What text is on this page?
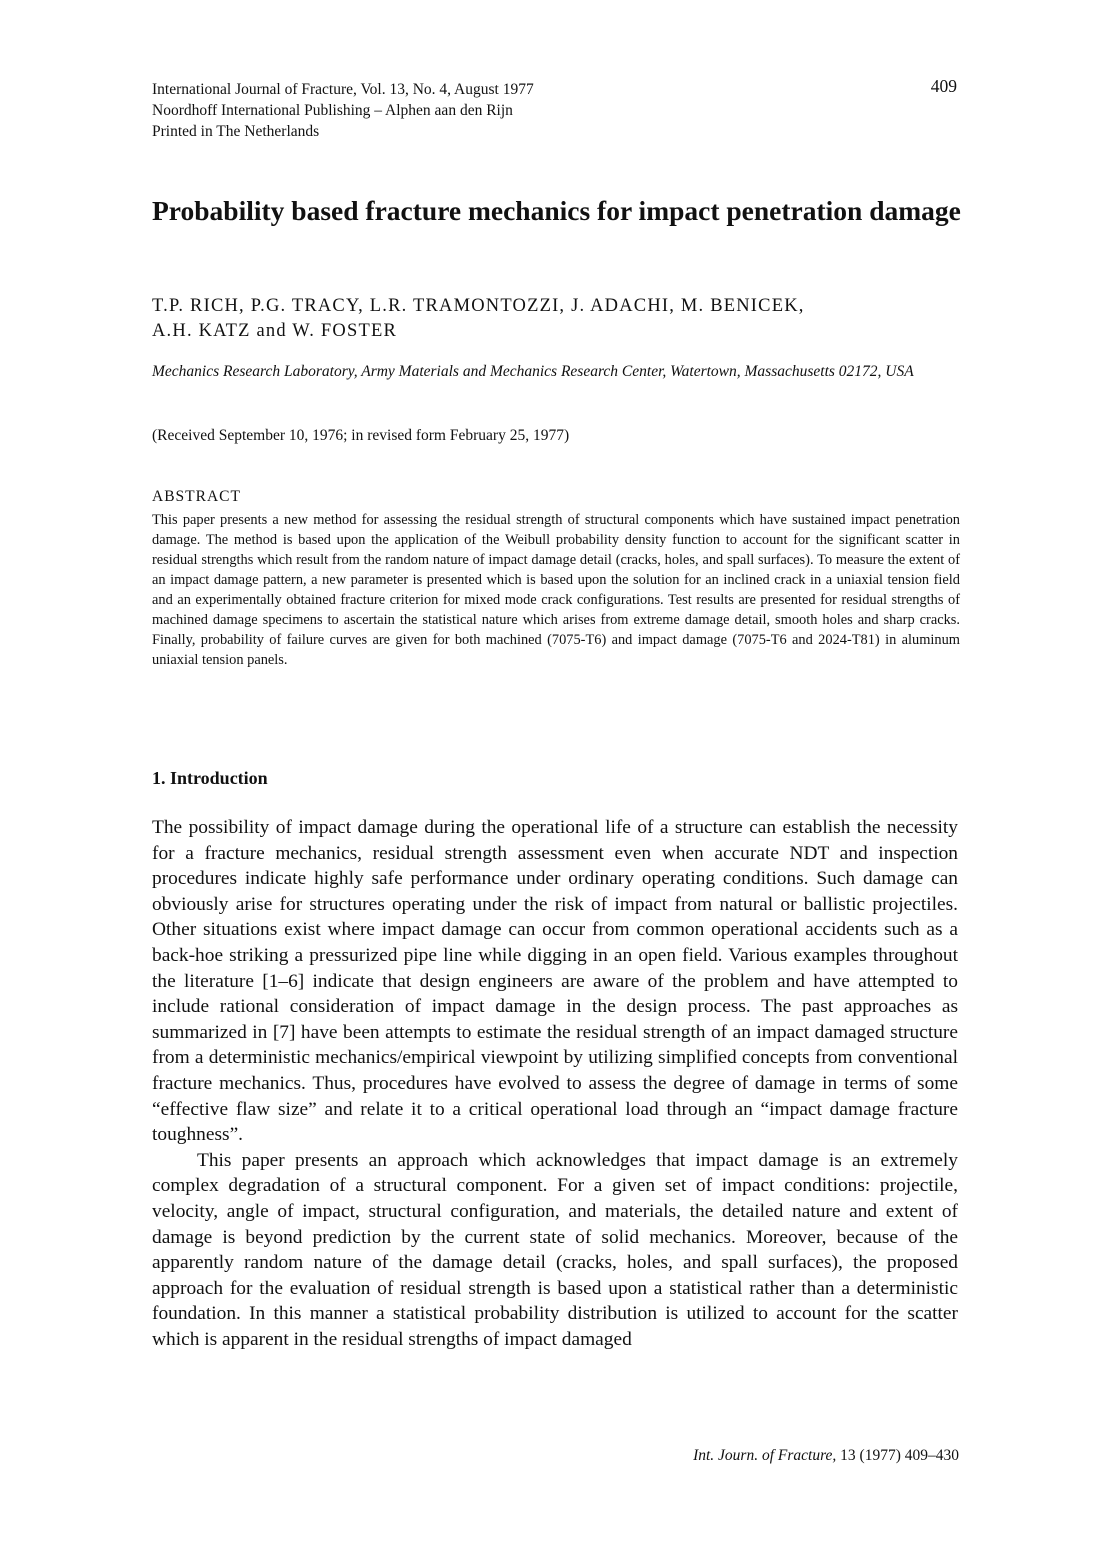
International Journal of Fracture, Vol. 13, No. 4, August 1977
Noordhoff International Publishing – Alphen aan den Rijn
Printed in The Netherlands
409
Probability based fracture mechanics for impact penetration damage
T.P. RICH, P.G. TRACY, L.R. TRAMONTOZZI, J. ADACHI, M. BENICEK,
A.H. KATZ and W. FOSTER
Mechanics Research Laboratory, Army Materials and Mechanics Research Center, Watertown, Massachusetts 02172, USA
(Received September 10, 1976; in revised form February 25, 1977)
ABSTRACT

This paper presents a new method for assessing the residual strength of structural components which have sustained impact penetration damage. The method is based upon the application of the Weibull probability density function to account for the significant scatter in residual strengths which result from the random nature of impact damage detail (cracks, holes, and spall surfaces). To measure the extent of an impact damage pattern, a new parameter is presented which is based upon the solution for an inclined crack in a uniaxial tension field and an experimentally obtained fracture criterion for mixed mode crack configurations. Test results are presented for residual strengths of machined damage specimens to ascertain the statistical nature which arises from extreme damage detail, smooth holes and sharp cracks. Finally, probability of failure curves are given for both machined (7075-T6) and impact damage (7075-T6 and 2024-T81) in aluminum uniaxial tension panels.

1. Introduction

The possibility of impact damage during the operational life of a structure can establish the necessity for a fracture mechanics, residual strength assessment even when accurate NDT and inspection procedures indicate highly safe performance under ordinary operating conditions. Such damage can obviously arise for structures operating under the risk of impact from natural or ballistic projectiles. Other situations exist where impact damage can occur from common operational accidents such as a back-hoe striking a pressurized pipe line while digging in an open field. Various examples throughout the literature [1–6] indicate that design engineers are aware of the problem and have attempted to include rational consideration of impact damage in the design process. The past approaches as summarized in [7] have been attempts to estimate the residual strength of an impact damaged structure from a deterministic mechanics/empirical viewpoint by utilizing simplified concepts from conventional fracture mechanics. Thus, procedures have evolved to assess the degree of damage in terms of some “effective flaw size” and relate it to a critical operational load through an “impact damage fracture toughness”.

This paper presents an approach which acknowledges that impact damage is an extremely complex degradation of a structural component. For a given set of impact conditions: projectile, velocity, angle of impact, structural configuration, and materials, the detailed nature and extent of damage is beyond prediction by the current state of solid mechanics. Moreover, because of the apparently random nature of the damage detail (cracks, holes, and spall surfaces), the proposed approach for the evaluation of residual strength is based upon a statistical rather than a deterministic foundation. In this manner a statistical probability distribution is utilized to account for the scatter which is apparent in the residual strengths of impact damaged

Int. Journ. of Fracture, 13 (1977) 409–430
